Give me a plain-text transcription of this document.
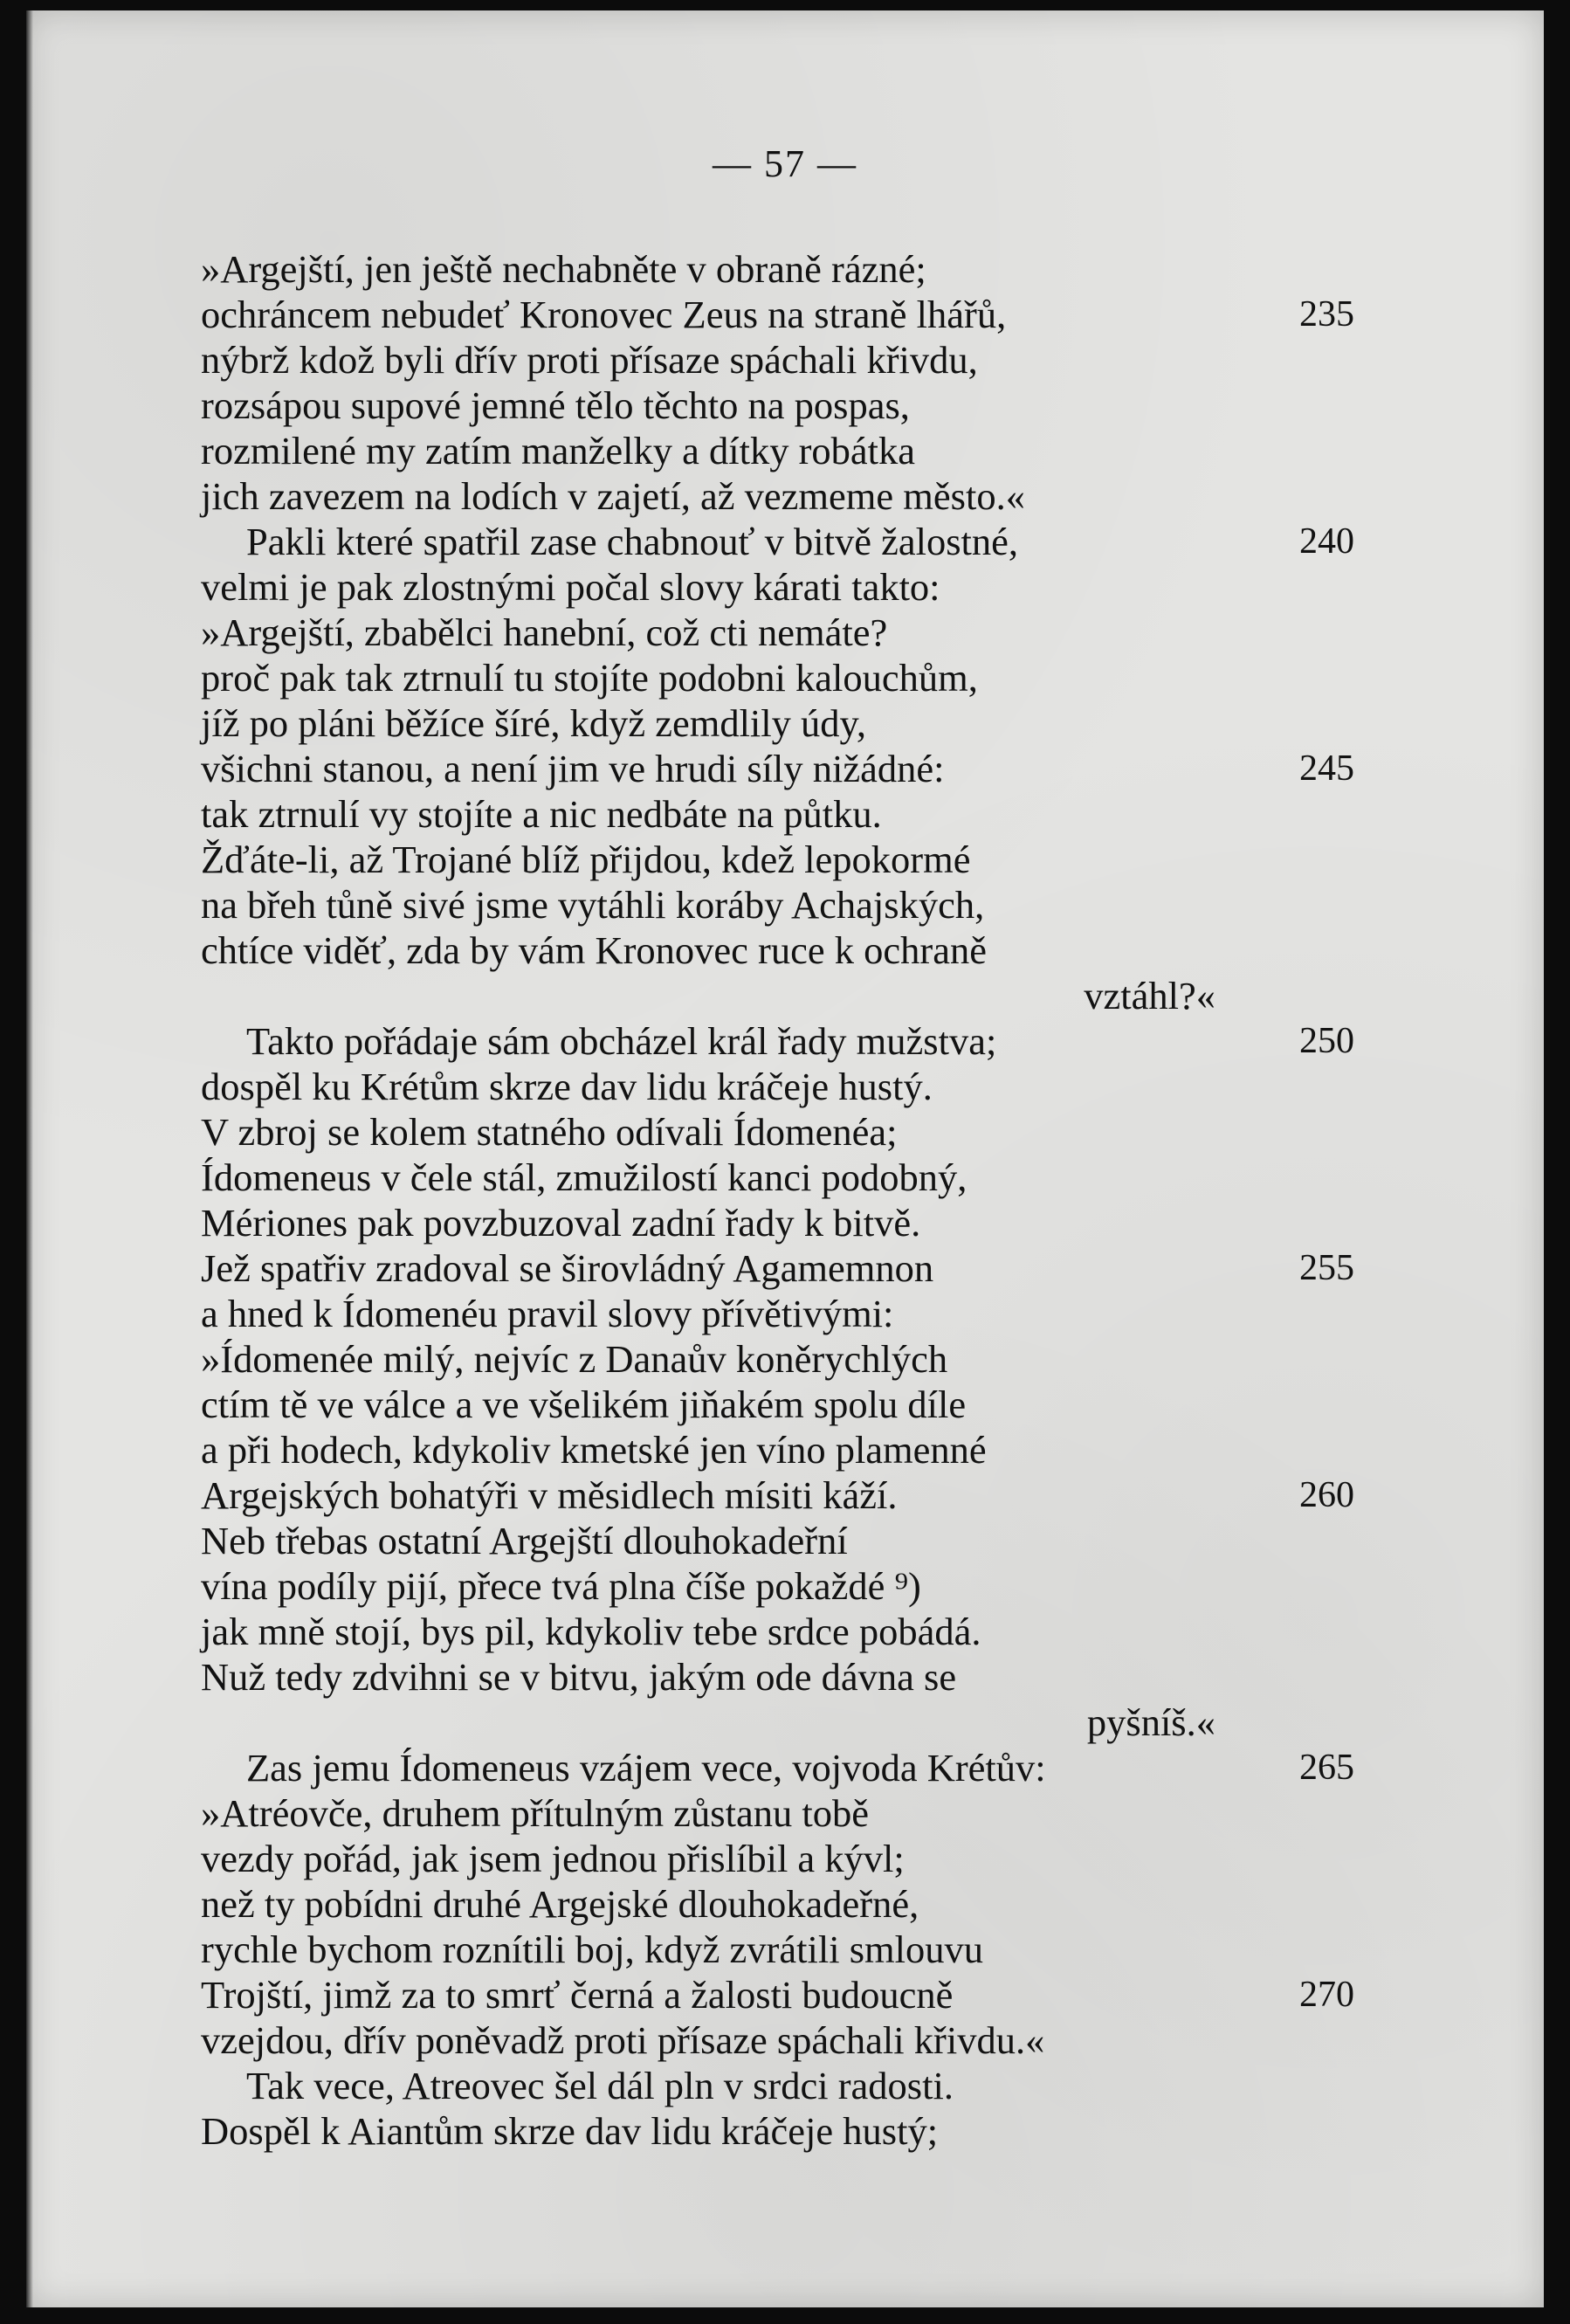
— 57 —
»Argejští, jen ještě nechabněte v obraně rázné;
ochráncem nebudeť Kronovec Zeus na straně lhářů,	235
nýbrž kdož byli dřív proti přísaze spáchali křivdu,
rozsápou supové jemné tělo těchto na pospas,
rozmilené my zatím manželky a dítky robátka
jich zavezem na lodích v zajetí, až vezmeme město.«
Pakli které spatřil zase chabnouť v bitvě žalostné,	240
velmi je pak zlostnými počal slovy kárati takto:
»Argejští, zbabělci hanební, což cti nemáte?
proč pak tak ztrnulí tu stojíte podobni kalouchům,
jíž po pláni běžíce šíré, když zemdlily údy,
všichni stanou, a není jim ve hrudi síly nižádné:	245
tak ztrnulí vy stojíte a nic nedbáte na půtku.
Žďáte-li, až Trojané blíž přijdou, kdež lepokormé
na břeh tůně sivé jsme vytáhli koráby Achajských,
chtíce viděť, zda by vám Kronovec ruce k ochraně
vztáhl?«
Takto pořádaje sám obcházel král řady mužstva;	250
dospěl ku Krétům skrze dav lidu kráčeje hustý.
V zbroj se kolem statného odívali Ídomenéa;
Ídomeneus v čele stál, zmužilostí kanci podobný,
Mériones pak povzbuzoval zadní řady k bitvě.
Jež spatřiv zradoval se širovládný Agamemnon	255
a hned k Ídomenéu pravil slovy přívětivými:
»Ídomenée milý, nejvíc z Danaův koněrychlých
ctím tě ve válce a ve všelikém jiňakém spolu díle
a při hodech, kdykoliv kmetské jen víno plamenné
Argejských bohatýři v měsidlech mísiti káží.	260
Neb třebas ostatní Argejští dlouhokadeřní
vína podíly pijí, přece tvá plna číše pokaždé ⁹)
jak mně stojí, bys pil, kdykoliv tebe srdce pobádá.
Nuž tedy zdvihni se v bitvu, jakým ode dávna se
pyšníš.«
Zas jemu Ídomeneus vzájem vece, vojvoda Krétův:	265
»Atréovče, druhem přítulným zůstanu tobě
vezdy pořád, jak jsem jednou přislíbil a kývl;
než ty pobídni druhé Argejské dlouhokadeřné,
rychle bychom roznítili boj, když zvrátili smlouvu
Trojští, jimž za to smrť černá a žalosti budoucně	270
vzejdou, dřív poněvadž proti přísaze spáchali křivdu.«
Tak vece, Atreovec šel dál pln v srdci radosti.
Dospěl k Aiantům skrze dav lidu kráčeje hustý;
